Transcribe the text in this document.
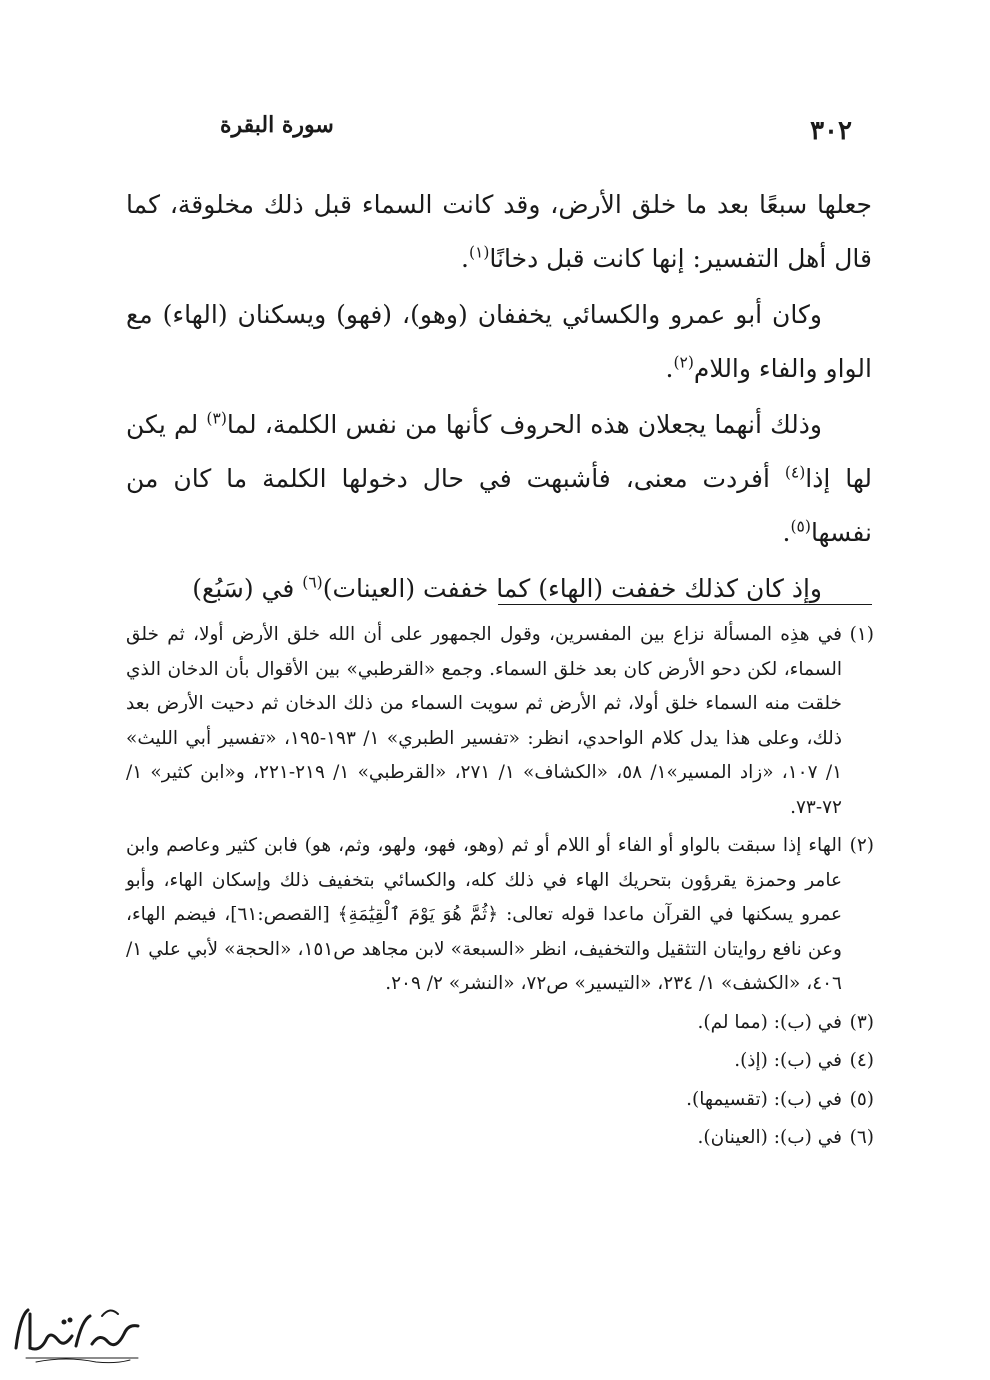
٣٠٢
سورة البقرة

جعلها سبعًا بعد ما خلق الأرض، وقد كانت السماء قبل ذلك مخلوقة، كما قال أهل التفسير: إنها كانت قبل دخانًا$^{(١)}$.

وكان أبو عمرو والكسائي يخففان (وهو)، (فهو) ويسكنان (الهاء) مع الواو والفاء واللام$^{(٢)}$.

وذلك أنهما يجعلان هذه الحروف كأنها من نفس الكلمة، لما$^{(٣)}$ لم يكن لها إذا$^{(٤)}$ أفردت معنى، فأشبهت في حال دخولها الكلمة ما كان من نفسها$^{(٥)}$.

وإذ كان كذلك خففت (الهاء) كما خففت (العينات)$^{(٦)}$ في (سَبُع)

(١)
في هذِه المسألة نزاع بين المفسرين، وقول الجمهور على أن الله خلق الأرض أولا، ثم خلق السماء، لكن دحو الأرض كان بعد خلق السماء. وجمع «القرطبي» بين الأقوال بأن الدخان الذي خلقت منه السماء خلق أولا، ثم الأرض ثم سويت السماء من ذلك الدخان ثم دحيت الأرض بعد ذلك، وعلى هذا يدل كلام الواحدي، انظر: «تفسير الطبري» ١/ ١٩٣-١٩٥، «تفسير أبي الليث» ١/ ١٠٧، «زاد المسير»١/ ٥٨، «الكشاف» ١/ ٢٧١، «القرطبي» ١/ ٢١٩-٢٢١، و«ابن كثير» ١/ ٧٢-٧٣.
(٢)
الهاء إذا سبقت بالواو أو الفاء أو اللام أو ثم (وهو، فهو، ولهو، وثم، هو) فابن كثير وعاصم وابن عامر وحمزة يقرؤون بتحريك الهاء في ذلك كله، والكسائي بتخفيف ذلك وإسكان الهاء، وأبو عمرو يسكنها في القرآن ماعدا قوله تعالى: ﴿ثُمَّ هُوَ يَوْمَ ٱلْقِيَٰمَةِ﴾ [القصص:٦١]، فيضم الهاء، وعن نافع روايتان التثقيل والتخفيف، انظر «السبعة» لابن مجاهد ص١٥١، «الحجة» لأبي علي ١/ ٤٠٦، «الكشف» ١/ ٢٣٤، «التيسير» ص٧٢، «النشر» ٢/ ٢٠٩.
(٣)
في (ب): (مما لم).
(٤)
في (ب): (إذ).
(٥)
في (ب): (تقسيمها).
(٦)
في (ب): (العينان).
